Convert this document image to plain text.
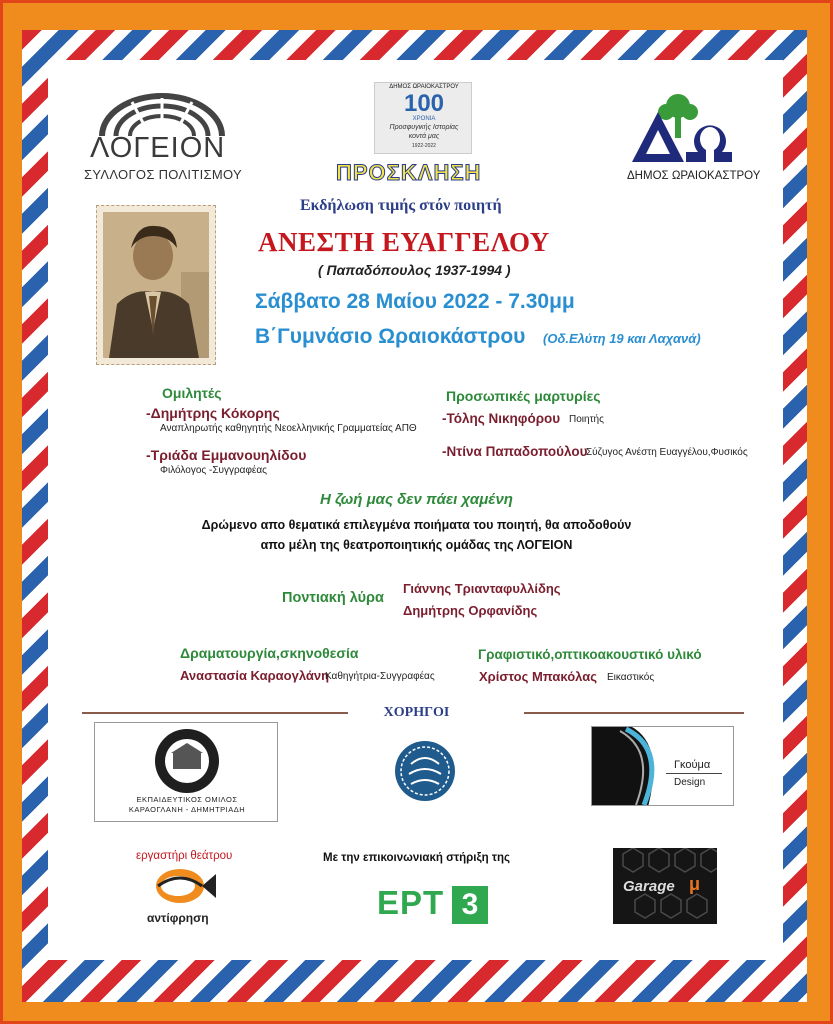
ΛΟΓΕΙΟΝ
ΣΥΛΛΟΓΟΣ ΠΟΛΙΤΙΣΜΟΥ
ΔΗΜΟΣ ΩΡΑΙΟΚΑΣΤΡΟΥ
100
ΧΡΟΝΙΑ
Προσφυγικής Ιστορίας
κοντά μας
1922-2022
ΔΗΜΟΣ ΩΡΑΙΟΚΑΣΤΡΟΥ
ΠΡΟΣΚΛΗΣΗ
Εκδήλωση τιμής στόν ποιητή
ΑΝΕΣΤΗ ΕΥΑΓΓΕΛΟΥ
( Παπαδόπουλος 1937-1994 )
Σάββατο 28 Μαίου 2022 - 7.30μμ
Β΄Γυμνάσιο Ωραιοκάστρου (Οδ.Ελύτη 19 και Λαχανά)
Ομιλητές
-Δημήτρης Κόκορης
Αναπληρωτής καθηγητής Νεοελληνικής Γραμματείας ΑΠΘ
-Τριάδα Εμμανουηλίδου
Φιλόλογος -Συγγραφέας
Προσωπικές μαρτυρίες
-Τόλης Νικηφόρου Ποιητής
-Ντίνα Παπαδοπούλου
Σύζυγος Ανέστη Ευαγγέλου,Φυσικός
Η ζωή μας δεν πάει χαμένη
Δρώμενο απο θεματικά επιλεγμένα ποιήματα του ποιητή, θα αποδοθούν
απο μέλη της θεατροποιητικής ομάδας της ΛΟΓΕΙΟΝ
Ποντιακή λύρα
Γιάννης Τριανταφυλλίδης
Δημήτρης Ορφανίδης
Δραματουργία,σκηνοθεσία
Αναστασία Καραογλάνη
Καθηγήτρια-Συγγραφέας
Γραφιστικό,οπτικοακουστικό υλικό
Χρίστος Μπακόλας Εικαστικός
ΧΟΡΗΓΟΙ
1987
ΕΚΠΑΙΔΕΥΤΙΚΟΣ ΟΜΙΛΟΣ
ΚΑΡΑΟΓΛΑΝΗ - ΔΗΜΗΤΡΙΑΔΗ
Γκούμα
Design
εργαστήρι θεάτρου
αντίφρηση
Με την επικοινωνιακή στήριξη της
ΕΡΤ 3
Garage μ
